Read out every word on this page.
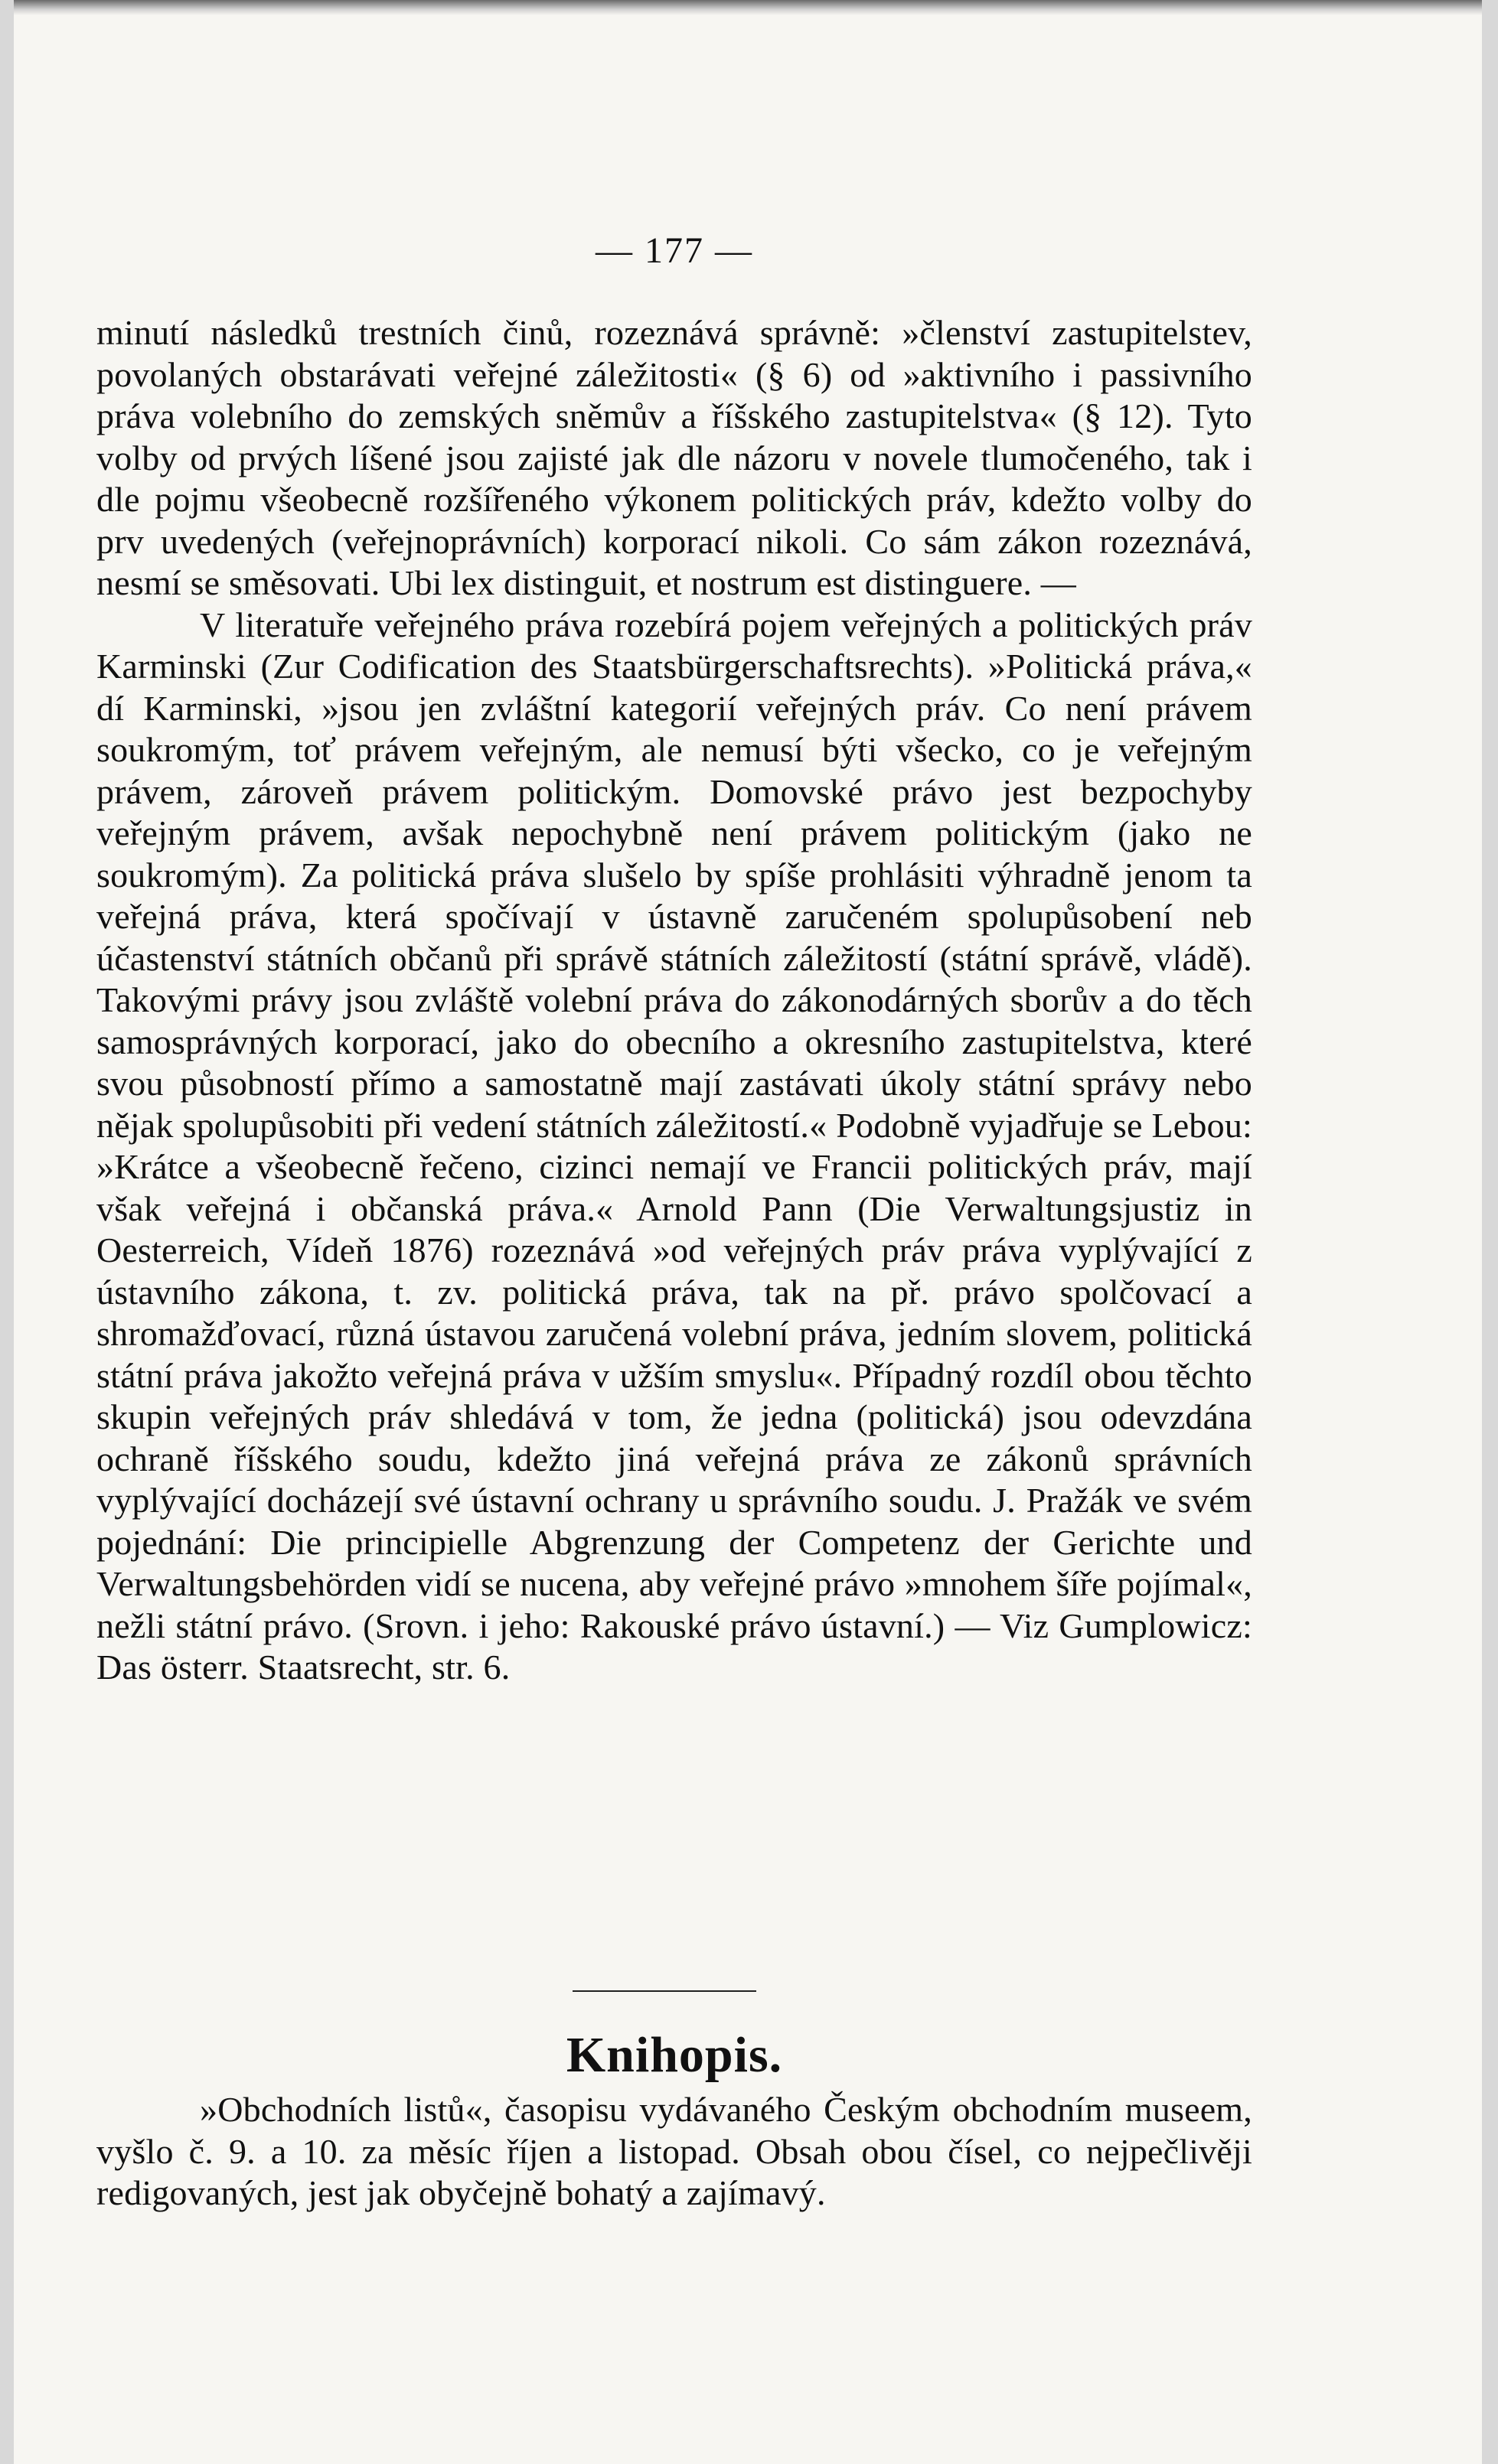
— 177 —

minutí následků trestních činů, rozeznává správně: »členství zastupitelstev, povolaných obstarávati veřejné záležitosti« (§ 6) od »aktivního i passivního práva volebního do zemských sněmův a říšského zastupitelstva« (§ 12). Tyto volby od prvých líšené jsou zajisté jak dle názoru v novele tlumočeného, tak i dle pojmu všeobecně rozšířeného výkonem politických práv, kdežto volby do prv uvedených (veřejnoprávních) korporací nikoli. Co sám zákon rozeznává, nesmí se směsovati. Ubi lex distinguit, et nostrum est distinguere. —

V literatuře veřejného práva rozebírá pojem veřejných a politických práv Karminski (Zur Codification des Staatsbürgerschaftsrechts). »Politická práva,« dí Karminski, »jsou jen zvláštní kategorií veřejných práv. Co není právem soukromým, toť právem veřejným, ale nemusí býti všecko, co je veřejným právem, zároveň právem politickým. Domovské právo jest bezpochyby veřejným právem, avšak nepochybně není právem politickým (jako ne soukromým). Za politická práva slušelo by spíše prohlásiti výhradně jenom ta veřejná práva, která spočívají v ústavně zaručeném spolupůsobení neb účastenství státních občanů při správě státních záležitostí (státní správě, vládě). Takovými právy jsou zvláště volební práva do zákonodárných sborův a do těch samosprávných korporací, jako do obecního a okresního zastupitelstva, které svou působností přímo a samostatně mají zastávati úkoly státní správy nebo nějak spolupůsobiti při vedení státních záležitostí.« Podobně vyjadřuje se Lebou: »Krátce a všeobecně řečeno, cizinci nemají ve Francii politických práv, mají však veřejná i občanská práva.« Arnold Pann (Die Verwaltungsjustiz in Oesterreich, Vídeň 1876) rozeznává »od veřejných práv práva vyplývající z ústavního zákona, t. zv. politická práva, tak na př. právo spolčovací a shromažďovací, různá ústavou zaručená volební práva, jedním slovem, politická státní práva jakožto veřejná práva v užším smyslu«. Případný rozdíl obou těchto skupin veřejných práv shledává v tom, že jedna (politická) jsou odevzdána ochraně říšského soudu, kdežto jiná veřejná práva ze zákonů správních vyplývající docházejí své ústavní ochrany u správního soudu. J. Pražák ve svém pojednání: Die principielle Abgrenzung der Competenz der Gerichte und Verwaltungsbehörden vidí se nucena, aby veřejné právo »mnohem šíře pojímal«, nežli státní právo. (Srovn. i jeho: Rakouské právo ústavní.) — Viz Gumplowicz: Das österr. Staatsrecht, str. 6.

Knihopis.

»Obchodních listů«, časopisu vydávaného Českým obchodním museem, vyšlo č. 9. a 10. za měsíc říjen a listopad. Obsah obou čísel, co nejpečlivěji redigovaných, jest jak obyčejně bohatý a zajímavý.
